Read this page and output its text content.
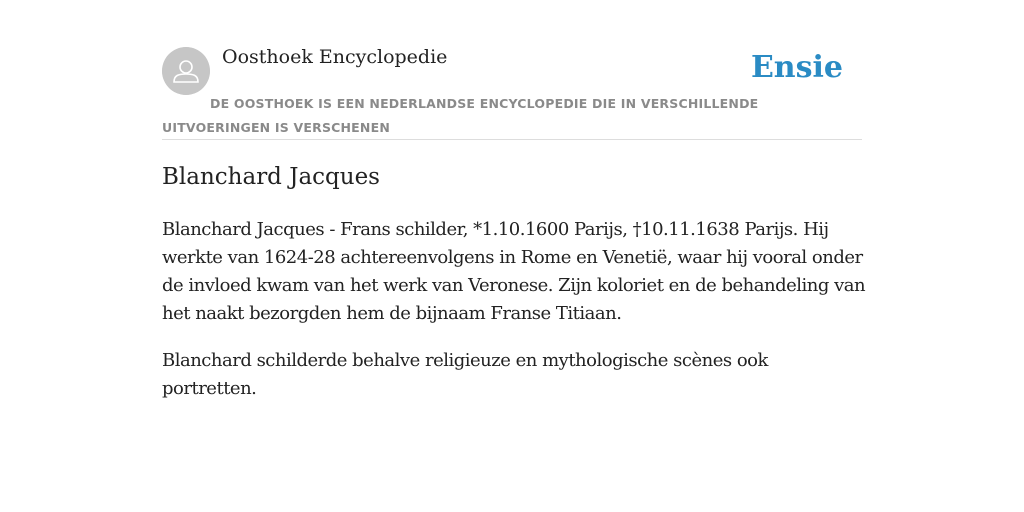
Oosthoek Encyclopedie	Ensie
DE OOSTHOEK IS EEN NEDERLANDSE ENCYCLOPEDIE DIE IN VERSCHILLENDE UITVOERINGEN IS VERSCHENEN
Blanchard Jacques

Blanchard Jacques - Frans schilder, *1.10.1600 Parijs, †10.11.1638 Parijs. Hij werkte van 1624-28 achtereenvolgens in Rome en Venetië, waar hij vooral onder de invloed kwam van het werk van Veronese. Zijn koloriet en de behandeling van het naakt bezorgden hem de bijnaam Franse Titiaan.

Blanchard schilderde behalve religieuze en mythologische scènes ook portretten.
